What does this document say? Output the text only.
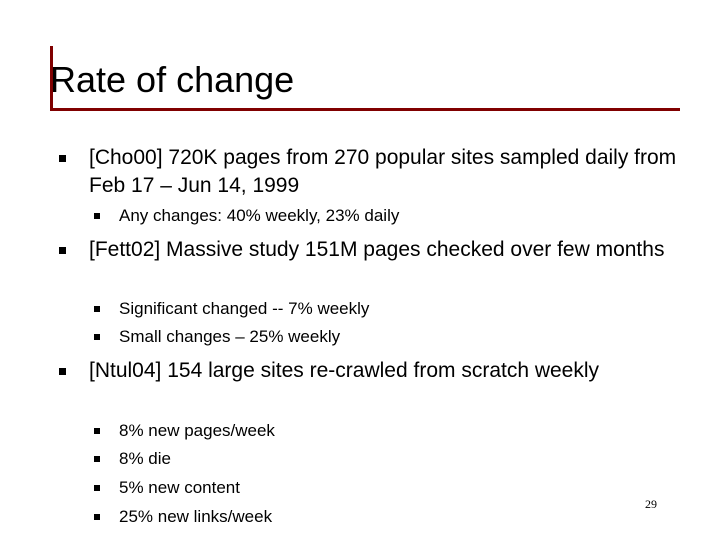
Rate of change
[Cho00] 720K pages from 270 popular sites sampled daily from Feb 17 – Jun 14, 1999
Any changes: 40% weekly, 23% daily
[Fett02] Massive study 151M pages checked over few months
Significant changed -- 7% weekly
Small changes – 25% weekly
[Ntul04] 154 large sites re-crawled from scratch weekly
8% new pages/week
8% die
5% new content
25% new links/week
29
